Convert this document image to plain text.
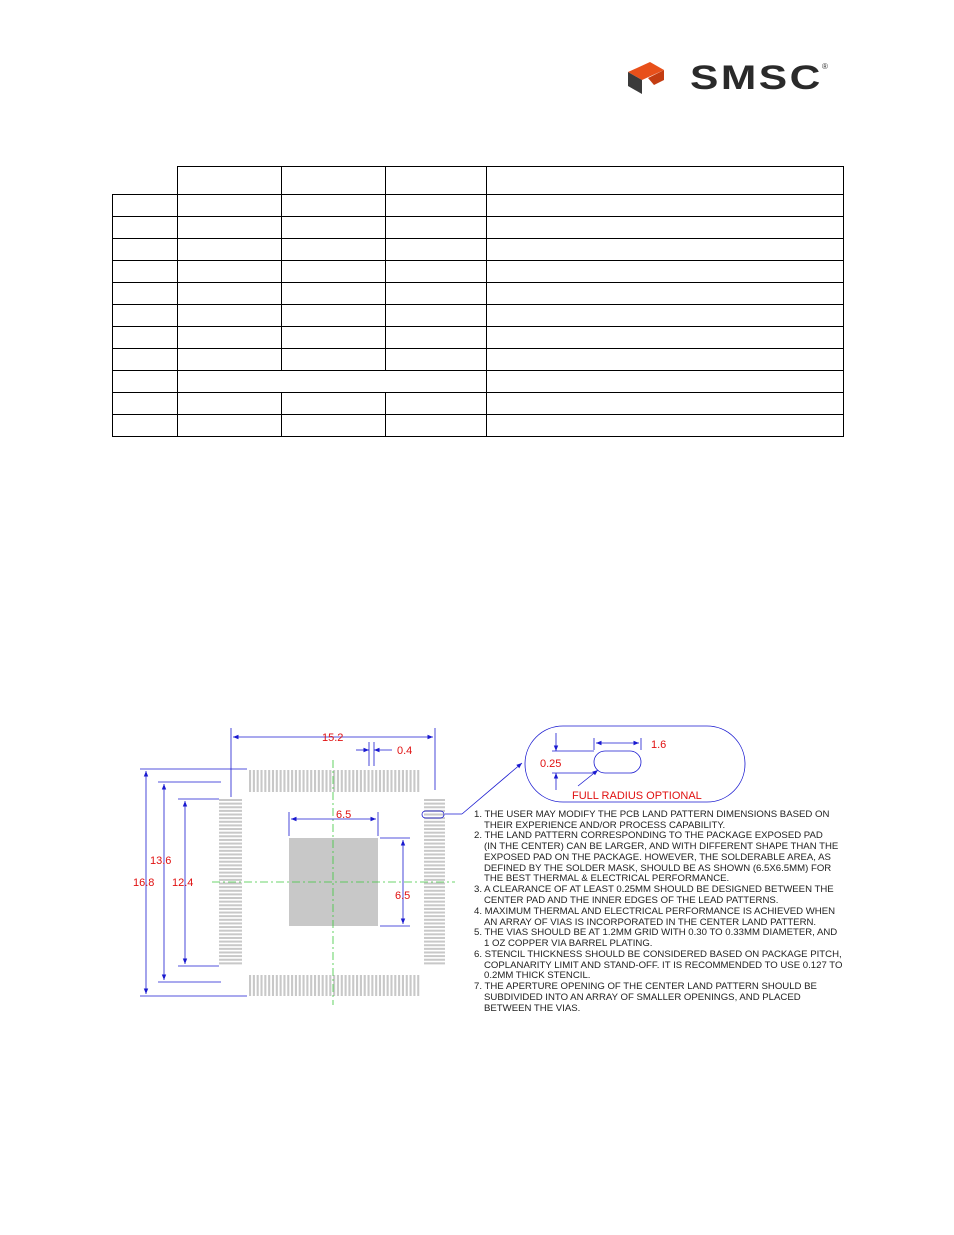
SMSC ®

15.2
0.4
6.5
6.5
16.8
13.6
12.4
1.6
0.25
FULL RADIUS OPTIONAL
1. THE USER MAY MODIFY THE PCB LAND PATTERN DIMENSIONS BASED ON
THEIR EXPERIENCE AND/OR PROCESS CAPABILITY.
2. THE LAND PATTERN CORRESPONDING TO THE PACKAGE EXPOSED PAD
(IN THE CENTER) CAN BE LARGER, AND WITH DIFFERENT SHAPE THAN THE
EXPOSED PAD ON THE PACKAGE. HOWEVER, THE SOLDERABLE AREA, AS
DEFINED BY THE SOLDER MASK, SHOULD BE AS SHOWN (6.5X6.5MM) FOR
THE BEST THERMAL & ELECTRICAL PERFORMANCE.
3. A CLEARANCE OF AT LEAST 0.25MM SHOULD BE DESIGNED BETWEEN THE
CENTER PAD AND THE INNER EDGES OF THE LEAD PATTERNS.
4. MAXIMUM THERMAL AND ELECTRICAL PERFORMANCE IS ACHIEVED WHEN
AN ARRAY OF VIAS IS INCORPORATED IN THE CENTER LAND PATTERN.
5. THE VIAS SHOULD BE AT 1.2MM GRID WITH 0.30 TO 0.33MM DIAMETER, AND
1 OZ COPPER VIA BARREL PLATING.
6. STENCIL THICKNESS SHOULD BE CONSIDERED BASED ON PACKAGE PITCH,
COPLANARITY LIMIT AND STAND-OFF. IT IS RECOMMENDED TO USE 0.127 TO
0.2MM THICK STENCIL.
7. THE APERTURE OPENING OF THE CENTER LAND PATTERN SHOULD BE
SUBDIVIDED INTO AN ARRAY OF SMALLER OPENINGS, AND PLACED
BETWEEN THE VIAS.
